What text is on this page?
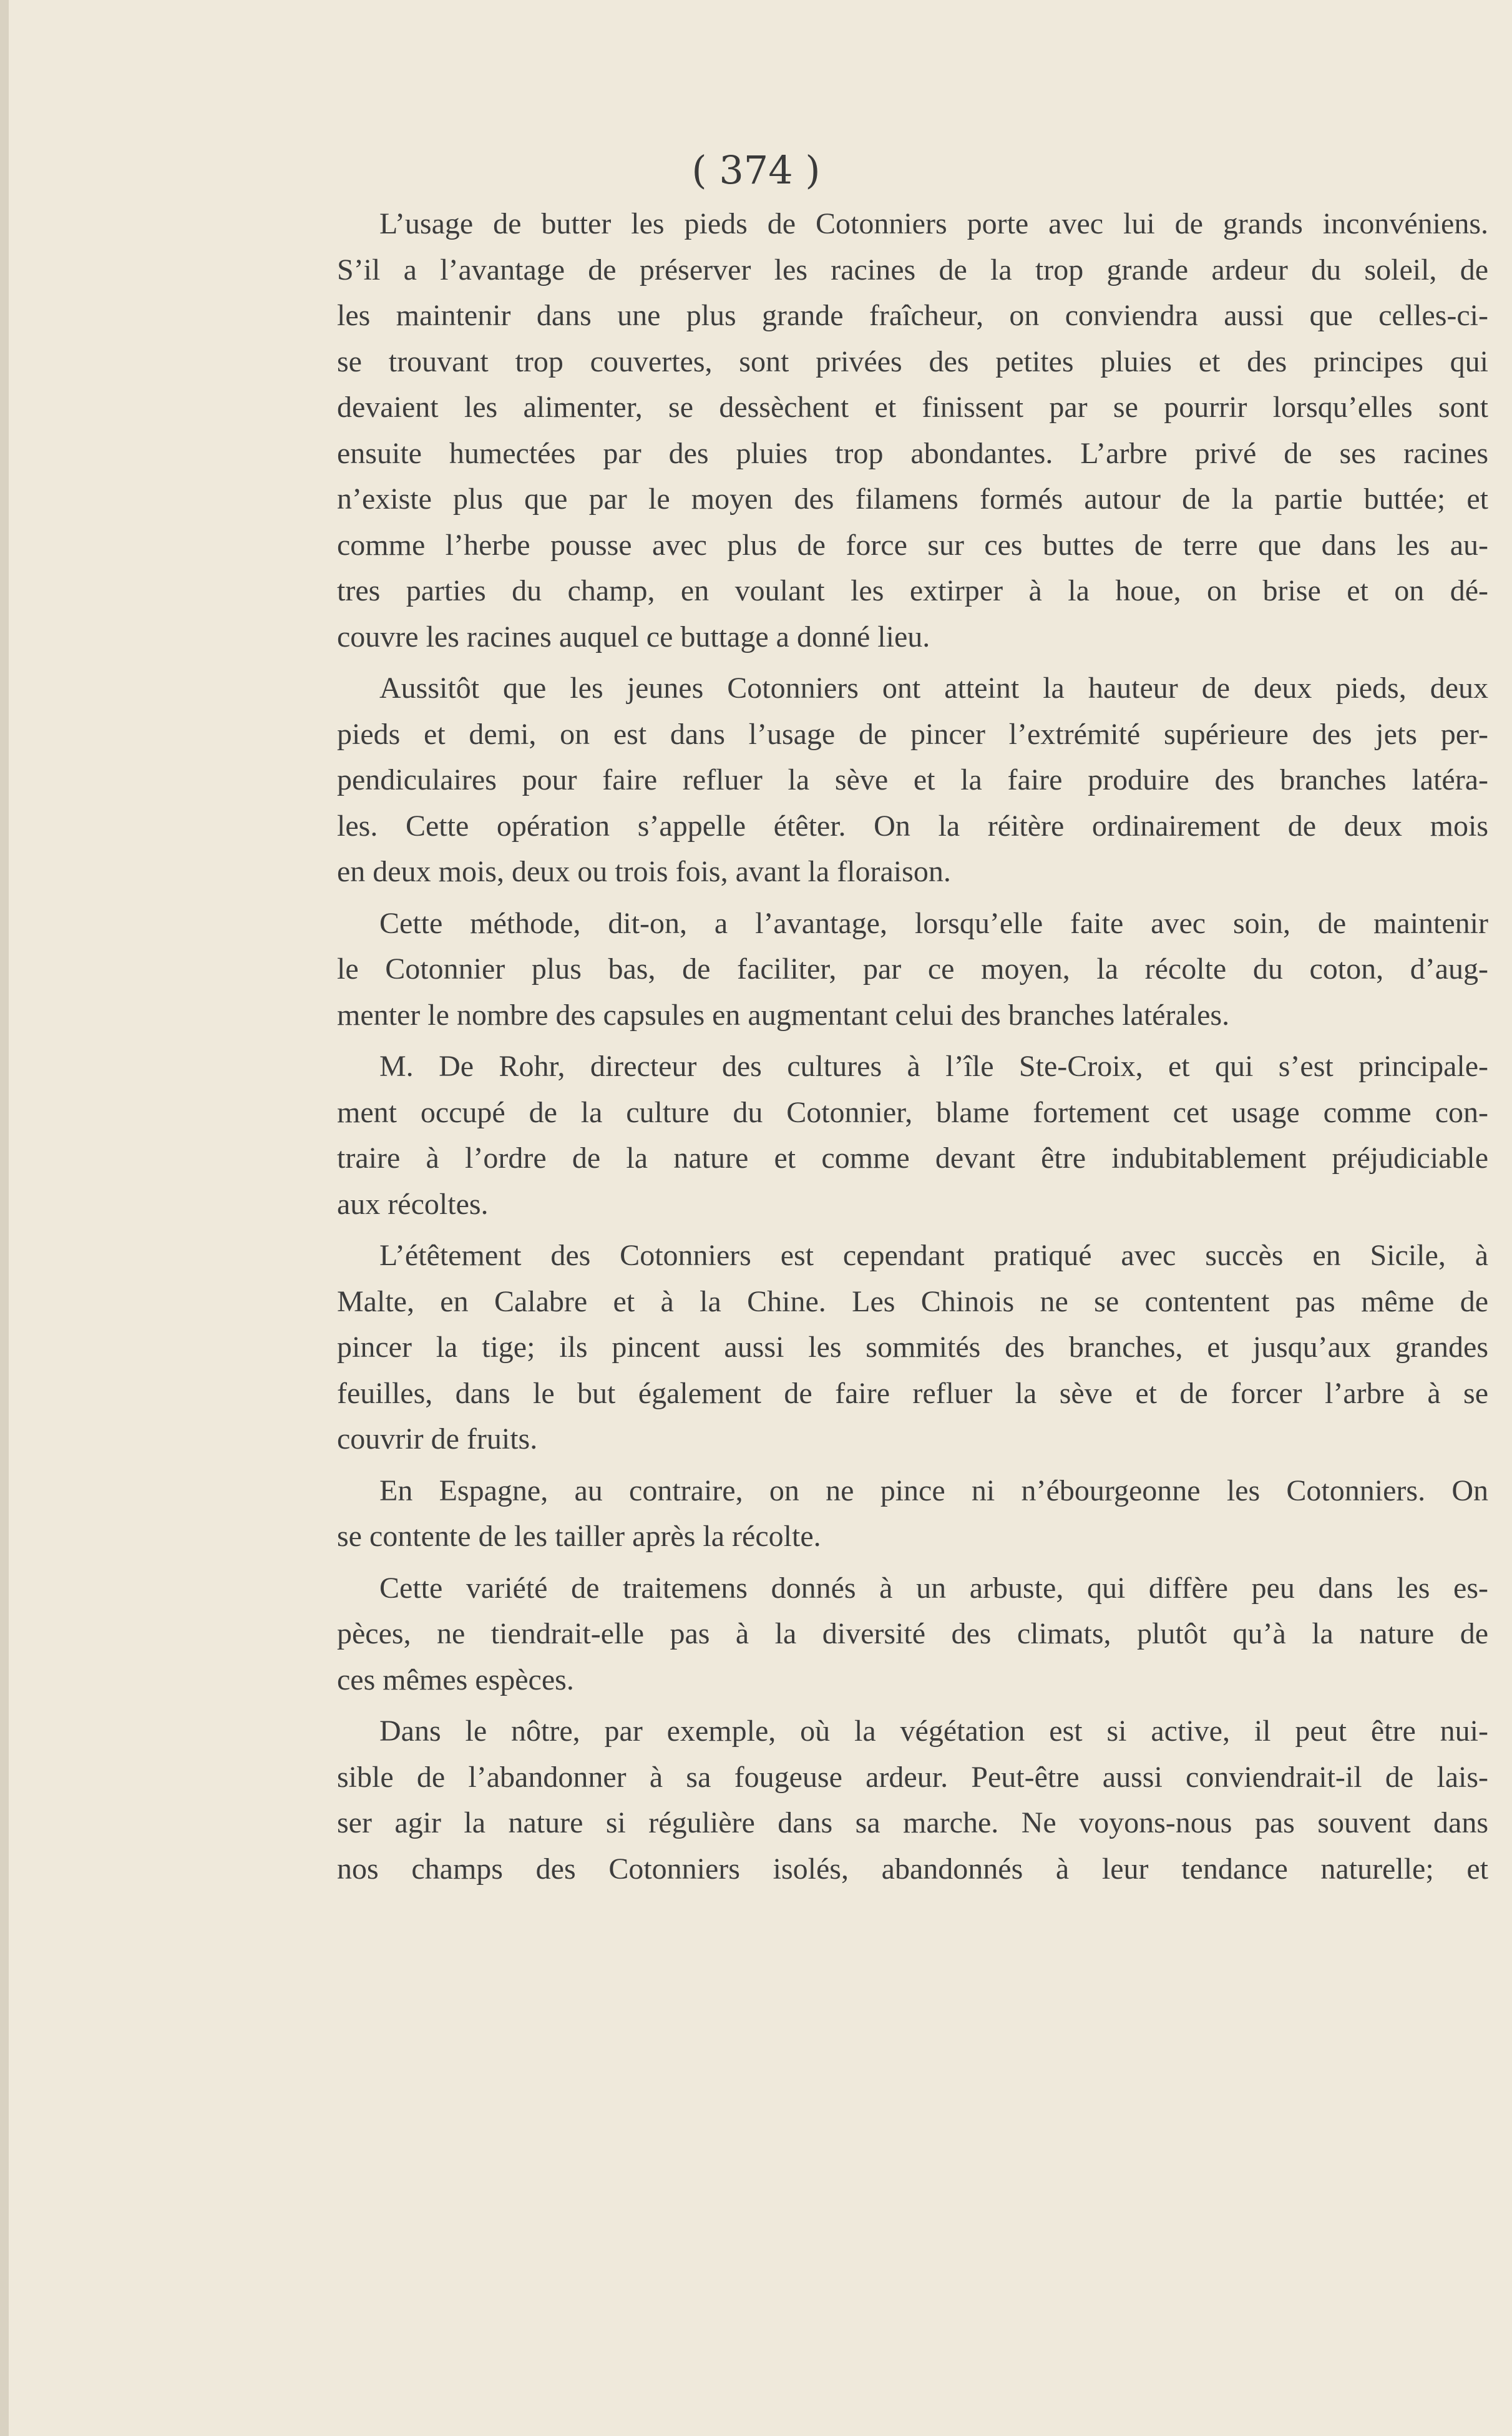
( 374 )
L’usage de butter les pieds de Cotonniers porte avec lui de grands inconvéniens.
S’il a l’avantage de préserver les racines de la trop grande ardeur du soleil, de
les maintenir dans une plus grande fraîcheur, on conviendra aussi que celles-ci-
se trouvant trop couvertes, sont privées des petites pluies et des principes qui
devaient les alimenter, se dessèchent et finissent par se pourrir lorsqu’elles sont
ensuite humectées par des pluies trop abondantes. L’arbre privé de ses racines
n’existe plus que par le moyen des filamens formés autour de la partie buttée; et
comme l’herbe pousse avec plus de force sur ces buttes de terre que dans les au-
tres parties du champ, en voulant les extirper à la houe, on brise et on dé-
couvre les racines auquel ce buttage a donné lieu.
Aussitôt que les jeunes Cotonniers ont atteint la hauteur de deux pieds, deux
pieds et demi, on est dans l’usage de pincer l’extrémité supérieure des jets per-
pendiculaires pour faire refluer la sève et la faire produire des branches latéra-
les. Cette opération s’appelle étêter. On la réitère ordinairement de deux mois
en deux mois, deux ou trois fois, avant la floraison.
Cette méthode, dit-on, a l’avantage, lorsqu’elle faite avec soin, de maintenir
le Cotonnier plus bas, de faciliter, par ce moyen, la récolte du coton, d’aug-
menter le nombre des capsules en augmentant celui des branches latérales.
M. De Rohr, directeur des cultures à l’île Ste-Croix, et qui s’est principale-
ment occupé de la culture du Cotonnier, blame fortement cet usage comme con-
traire à l’ordre de la nature et comme devant être indubitablement préjudiciable
aux récoltes.
L’étêtement des Cotonniers est cependant pratiqué avec succès en Sicile, à
Malte, en Calabre et à la Chine. Les Chinois ne se contentent pas même de
pincer la tige; ils pincent aussi les sommités des branches, et jusqu’aux grandes
feuilles, dans le but également de faire refluer la sève et de forcer l’arbre à se
couvrir de fruits.
En Espagne, au contraire, on ne pince ni n’ébourgeonne les Cotonniers. On
se contente de les tailler après la récolte.
Cette variété de traitemens donnés à un arbuste, qui diffère peu dans les es-
pèces, ne tiendrait-elle pas à la diversité des climats, plutôt qu’à la nature de
ces mêmes espèces.
Dans le nôtre, par exemple, où la végétation est si active, il peut être nui-
sible de l’abandonner à sa fougeuse ardeur. Peut-être aussi conviendrait-il de lais-
ser agir la nature si régulière dans sa marche. Ne voyons-nous pas souvent dans
nos champs des Cotonniers isolés, abandonnés à leur tendance naturelle; et
